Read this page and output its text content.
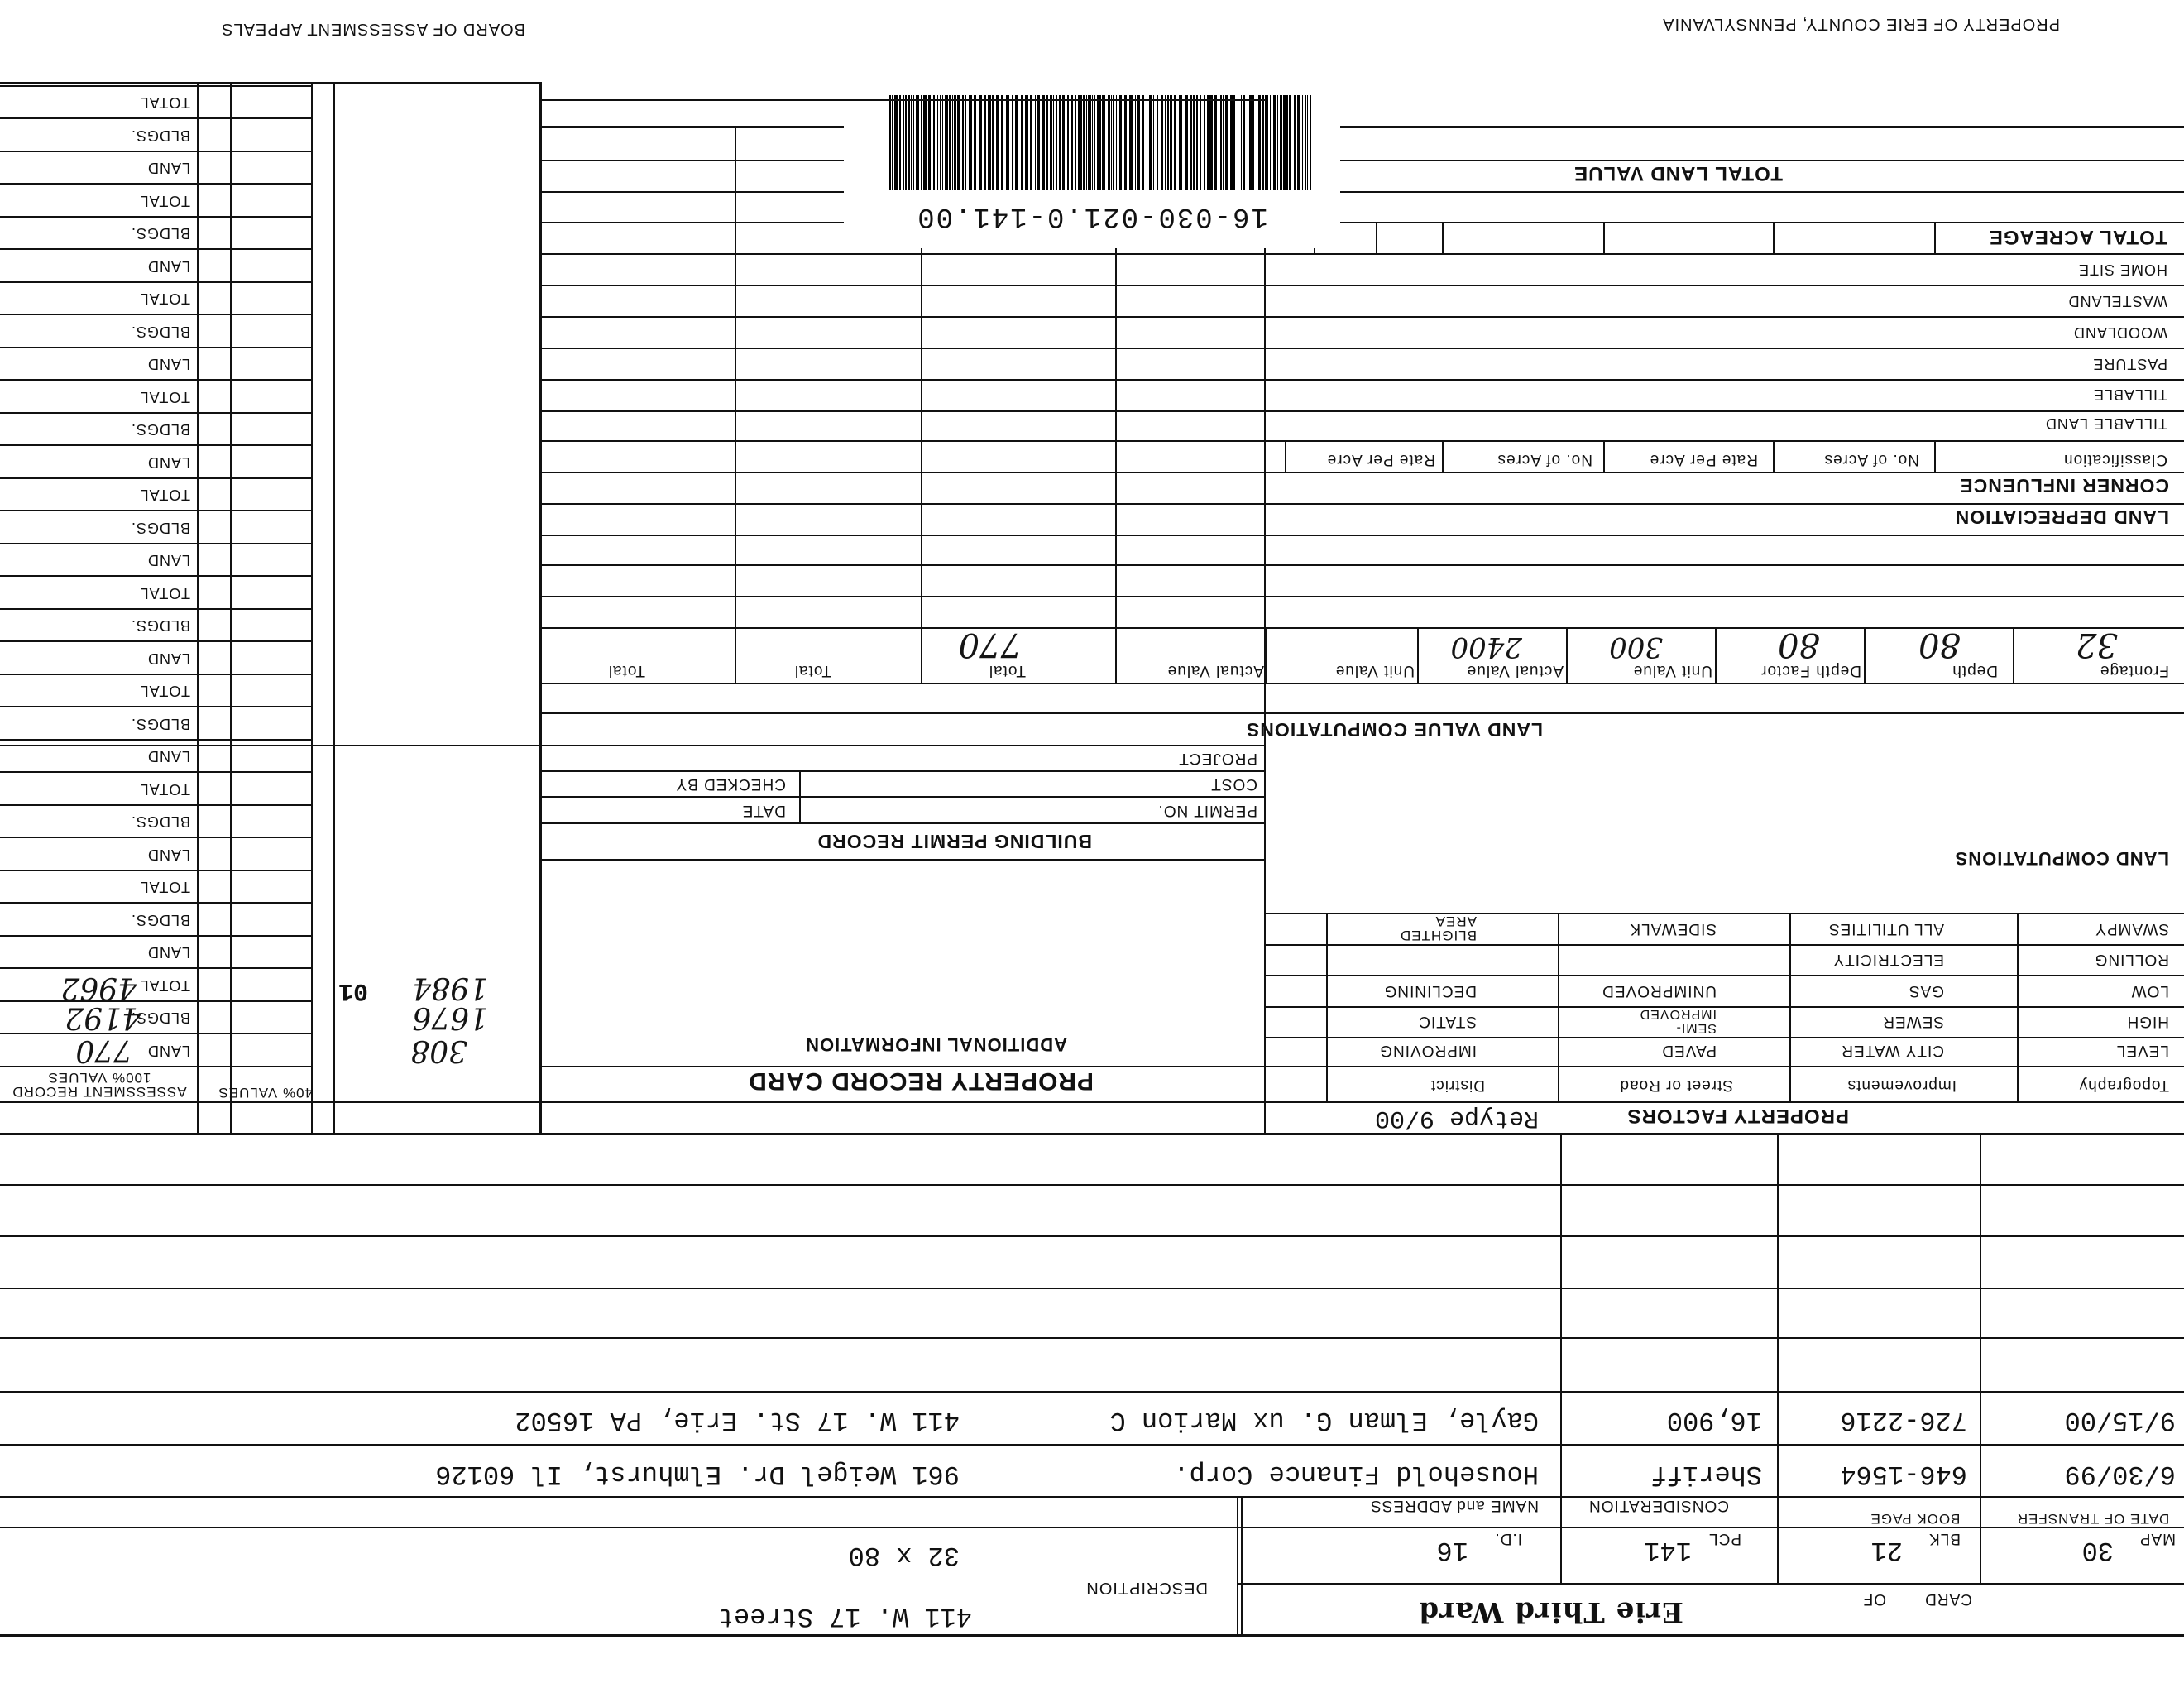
PROPERTY OF ERIE COUNTY, PENNSYLVANIA
CARD
OF
Erie Third Ward
DESCRIPTION
411 W. 17 Street
MAP
30
BLK
21
PCL
141
I.D.
16
32 x 80
DATE OF TRANSFER
BOOK PAGE
CONSIDERATION
NAME and ADDRESS
6/30/99
646-1564
Sheriff
Household Finance Corp.
961 Weigel Dr. Elmhurst, Il 60126
9/15/00
726-2216
16,900
Gayle, Elman G. ux Marion C
411 W. 17 St. Erie, PA 16502
PROPERTY FACTORS
Retype 9/00
Topography
Improvements
Street or Road
District
LEVEL
HIGH
LOW
ROLLING
SWAMPY
CITY WATER
SEWER
GAS
ELECTRICITY
ALL UTILITIES
PAVED
SEMI-IMPROVED
UNIMPROVED
SIDEWALK
IMPROVING
STATIC
DECLINING
BLIGHTED AREA
LAND COMPUTATIONS
PROPERTY RECORD CARD
ADDITIONAL INFORMATION
BUILDING PERMIT RECORD
PERMIT NO.
DATE
COST
CHECKED BY
PROJECT
LAND VALUE COMPUTATIONS
Frontage
Depth
Depth Factor
Unit Value
Actual Value
Unit Value
Actual Value
Total
Total
Total
32
80
80
300
2400
770
LAND DEPRECIATION
CORNER INFLUENCE
Classification
No. of Acres
Rate Per Acre
No. of Acres
Rate Per Acre
TILLABLE LAND
TILLABLE
PASTURE
WOODLAND
WASTELAND
HOME SITE
TOTAL ACREAGE
TOTAL LAND VALUE
16-030-021.0-141.00
40% VALUES
ASSESSMENT RECORD 100% VALUES
LAND
BLDGS.
TOTAL
LAND
BLDGS.
TOTAL
LAND
BLDGS.
TOTAL
LAND
BLDGS.
TOTAL
LAND
BLDGS.
TOTAL
LAND
BLDGS.
TOTAL
LAND
BLDGS.
TOTAL
LAND
BLDGS.
TOTAL
LAND
BLDGS.
TOTAL
LAND
BLDGS.
TOTAL
308
1676
1984
01
770
4192
4962
BOARD OF ASSESSMENT APPEALS
